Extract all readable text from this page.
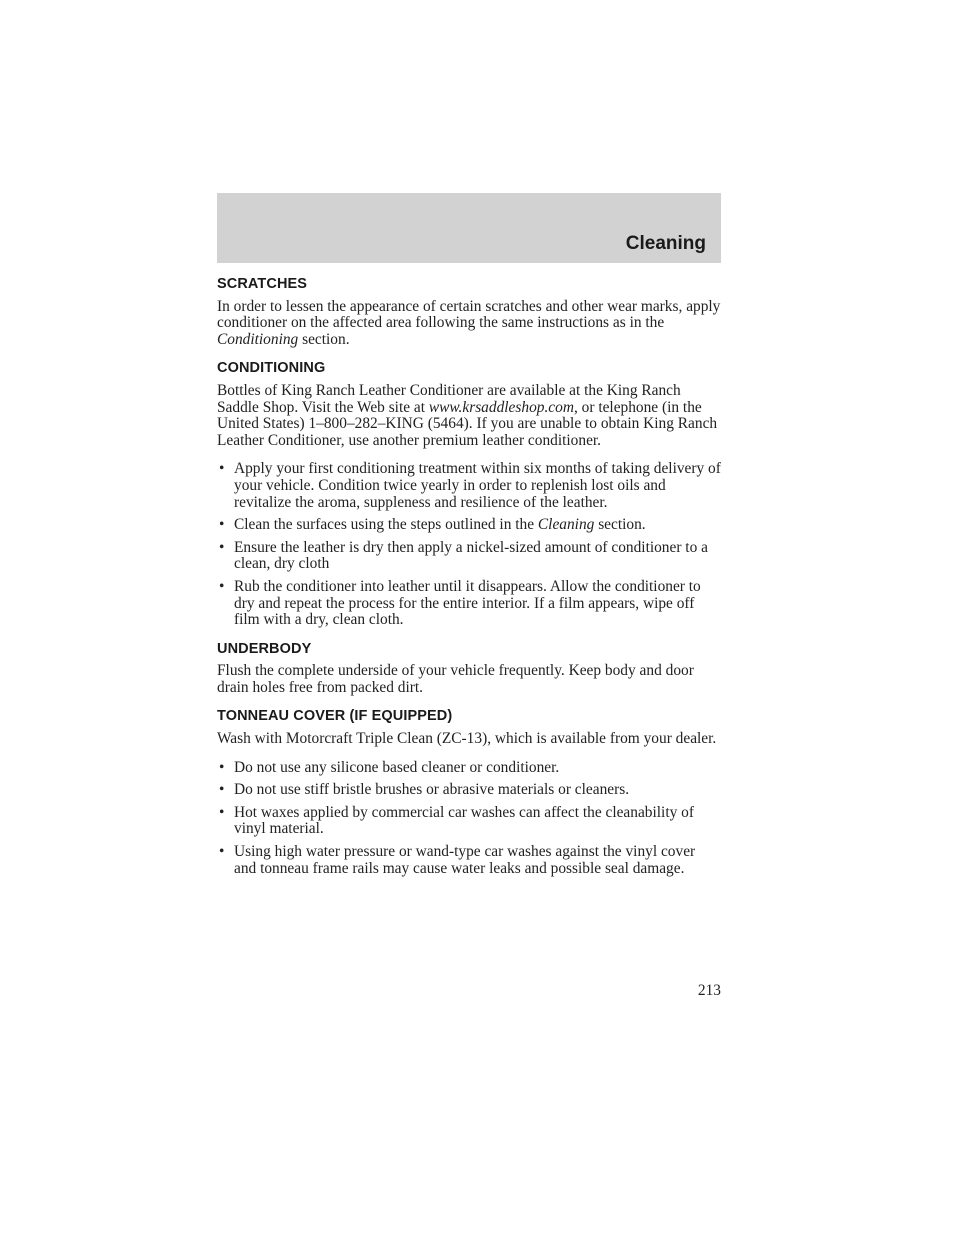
Cleaning
SCRATCHES

In order to lessen the appearance of certain scratches and other wear marks, apply conditioner on the affected area following the same instructions as in the Conditioning section.

CONDITIONING

Bottles of King Ranch Leather Conditioner are available at the King Ranch Saddle Shop. Visit the Web site at www.krsaddleshop.com, or telephone (in the United States) 1–800–282–KING (5464). If you are unable to obtain King Ranch Leather Conditioner, use another premium leather conditioner.

• Apply your first conditioning treatment within six months of taking delivery of your vehicle. Condition twice yearly in order to replenish lost oils and revitalize the aroma, suppleness and resilience of the leather.
• Clean the surfaces using the steps outlined in the Cleaning section.
• Ensure the leather is dry then apply a nickel-sized amount of conditioner to a clean, dry cloth
• Rub the conditioner into leather until it disappears. Allow the conditioner to dry and repeat the process for the entire interior. If a film appears, wipe off film with a dry, clean cloth.
UNDERBODY

Flush the complete underside of your vehicle frequently. Keep body and door drain holes free from packed dirt.

TONNEAU COVER (IF EQUIPPED)

Wash with Motorcraft Triple Clean (ZC-13), which is available from your dealer.

• Do not use any silicone based cleaner or conditioner.
• Do not use stiff bristle brushes or abrasive materials or cleaners.
• Hot waxes applied by commercial car washes can affect the cleanability of vinyl material.
• Using high water pressure or wand-type car washes against the vinyl cover and tonneau frame rails may cause water leaks and possible seal damage.
213
